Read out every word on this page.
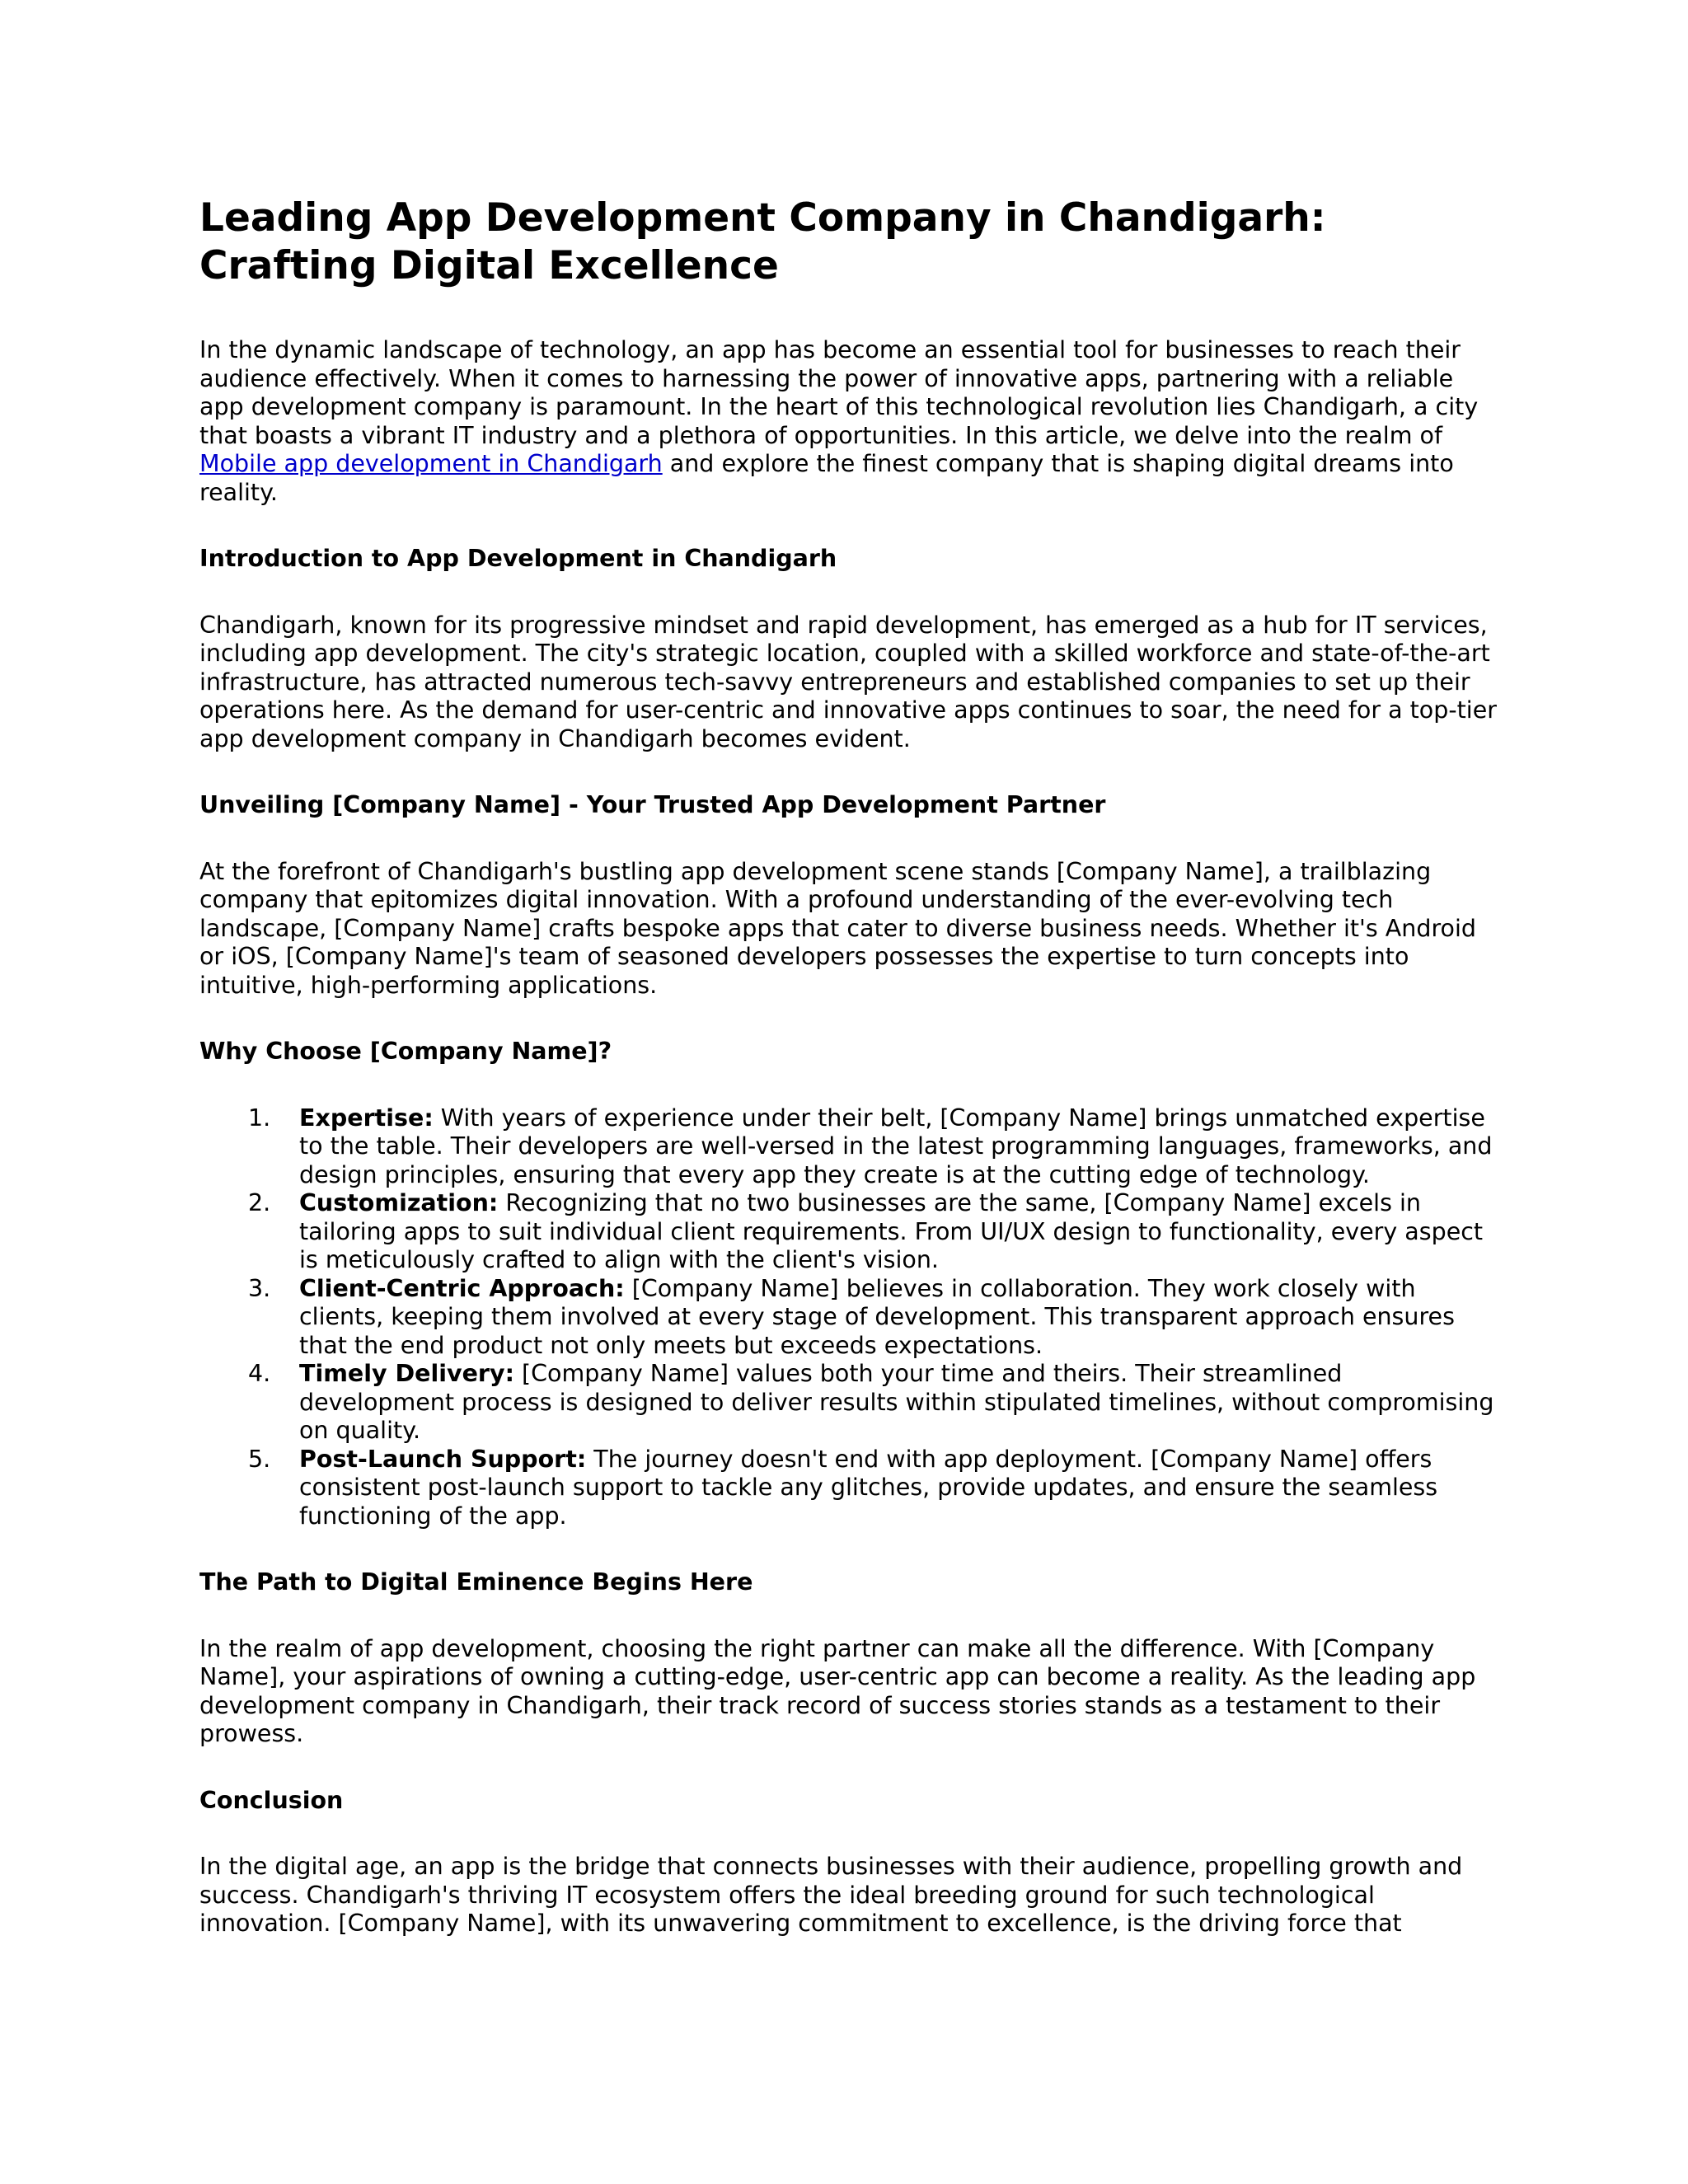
Leading App Development Company in Chandigarh: Crafting Digital Excellence

In the dynamic landscape of technology, an app has become an essential tool for businesses to reach their audience effectively. When it comes to harnessing the power of innovative apps, partnering with a reliable app development company is paramount. In the heart of this technological revolution lies Chandigarh, a city that boasts a vibrant IT industry and a plethora of opportunities. In this article, we delve into the realm of Mobile app development in Chandigarh and explore the finest company that is shaping digital dreams into reality.

Introduction to App Development in Chandigarh

Chandigarh, known for its progressive mindset and rapid development, has emerged as a hub for IT services, including app development. The city's strategic location, coupled with a skilled workforce and state-of-the-art infrastructure, has attracted numerous tech-savvy entrepreneurs and established companies to set up their operations here. As the demand for user-centric and innovative apps continues to soar, the need for a top-tier app development company in Chandigarh becomes evident.

Unveiling [Company Name] - Your Trusted App Development Partner

At the forefront of Chandigarh's bustling app development scene stands [Company Name], a trailblazing company that epitomizes digital innovation. With a profound understanding of the ever-evolving tech landscape, [Company Name] crafts bespoke apps that cater to diverse business needs. Whether it's Android or iOS, [Company Name]'s team of seasoned developers possesses the expertise to turn concepts into intuitive, high-performing applications.

Why Choose [Company Name]?
Expertise: With years of experience under their belt, [Company Name] brings unmatched expertise to the table. Their developers are well-versed in the latest programming languages, frameworks, and design principles, ensuring that every app they create is at the cutting edge of technology.
Customization: Recognizing that no two businesses are the same, [Company Name] excels in tailoring apps to suit individual client requirements. From UI/UX design to functionality, every aspect is meticulously crafted to align with the client's vision.
Client-Centric Approach: [Company Name] believes in collaboration. They work closely with clients, keeping them involved at every stage of development. This transparent approach ensures that the end product not only meets but exceeds expectations.
Timely Delivery: [Company Name] values both your time and theirs. Their streamlined development process is designed to deliver results within stipulated timelines, without compromising on quality.
Post-Launch Support: The journey doesn't end with app deployment. [Company Name] offers consistent post-launch support to tackle any glitches, provide updates, and ensure the seamless functioning of the app.
The Path to Digital Eminence Begins Here

In the realm of app development, choosing the right partner can make all the difference. With [Company Name], your aspirations of owning a cutting-edge, user-centric app can become a reality. As the leading app development company in Chandigarh, their track record of success stories stands as a testament to their prowess.

Conclusion

In the digital age, an app is the bridge that connects businesses with their audience, propelling growth and success. Chandigarh's thriving IT ecosystem offers the ideal breeding ground for such technological innovation. [Company Name], with its unwavering commitment to excellence, is the driving force that
